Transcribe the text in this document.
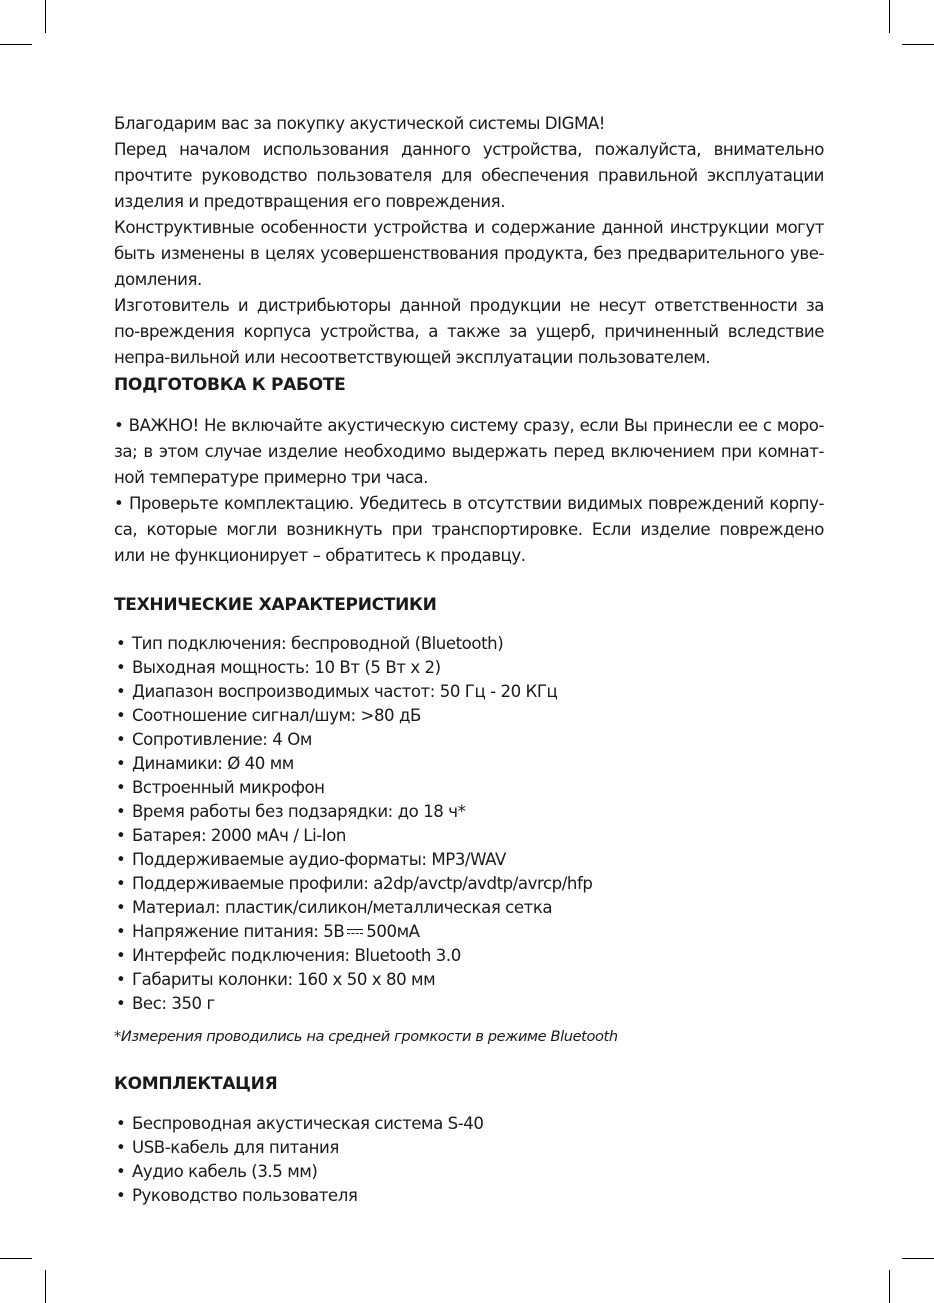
Благодарим вас за покупку акустической системы DIGMA!

Перед началом использования данного устройства, пожалуйста, внимательно прочтите руководство пользователя для обеспечения правильной эксплуатации изделия и предотвращения его повреждения.

Конструктивные особенности устройства и содержание данной инструкции могут быть изменены в целях усовершенствования продукта, без предварительного уве-домления.

Изготовитель и дистрибьюторы данной продукции не несут ответственности за по-вреждения корпуса устройства, а также за ущерб, причиненный вследствие непра-вильной или несоответствующей эксплуатации пользователем.

ПОДГОТОВКА К РАБОТЕ

• ВАЖНО! Не включайте акустическую систему сразу, если Вы принесли ее с моро-за; в этом случае изделие необходимо выдержать перед включением при комнат-ной температуре примерно три часа.

• Проверьте комплектацию. Убедитесь в отсутствии видимых повреждений корпу-са, которые могли возникнуть при транспортировке. Если изделие повреждено или не функционирует – обратитесь к продавцу.

ТЕХНИЧЕСКИЕ ХАРАКТЕРИСТИКИ
• Тип подключения: беспроводной (Bluetooth)
• Выходная мощность: 10 Вт (5 Вт х 2)
• Диапазон воспроизводимых частот: 50 Гц - 20 КГц
• Соотношение сигнал/шум: >80 дБ
• Сопротивление: 4 Ом
• Динамики: Ø 40 мм
• Встроенный микрофон
• Время работы без подзарядки: до 18 ч*
• Батарея: 2000 мАч / Li-Ion
• Поддерживаемые аудио-форматы: MP3/WAV
• Поддерживаемые профили: a2dp/avctp/avdtp/avrcp/hfp
• Материал: пластик/силикон/металлическая сетка
• Напряжение питания: 5В 500мА
• Интерфейс подключения: Bluetooth 3.0
• Габариты колонки: 160 х 50 х 80 мм
• Вес: 350 г

*Измерения проводились на средней громкости в режиме Bluetooth

КОМПЛЕКТАЦИЯ
• Беспроводная акустическая система S-40
• USB-кабель для питания
• Аудио кабель (3.5 мм)
• Руководство пользователя
